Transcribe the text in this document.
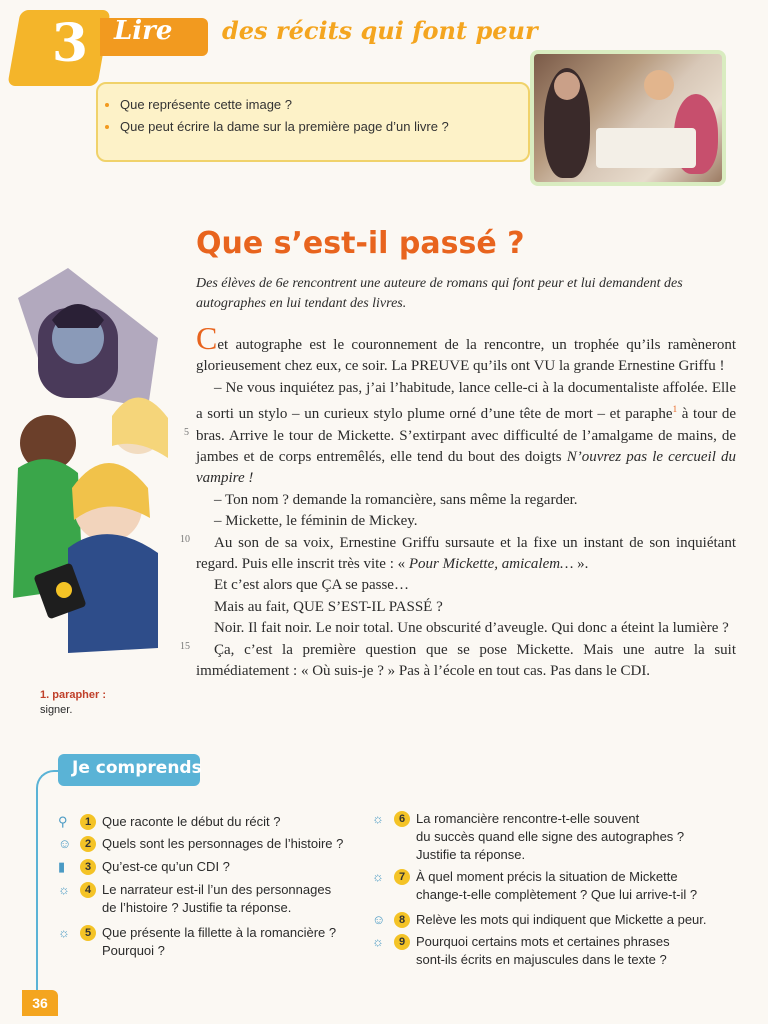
3 Lire des récits qui font peur
• Que représente cette image ?
• Que peut écrire la dame sur la première page d’un livre ?
Que s’est-il passé ?
Des élèves de 6e rencontrent une auteure de romans qui font peur et lui demandent des autographes en lui tendant des livres.

Cet autographe est le couronnement de la rencontre, un trophée qu’ils ramèneront glorieusement chez eux, ce soir. La PREUVE qu’ils ont VU la grande Ernestine Griffu !

– Ne vous inquiétez pas, j’ai l’habitude, lance celle-ci à la documentaliste affolée. Elle a sorti un stylo – un curieux stylo plume orné d’une tête de mort – et paraphe$^1$ à tour de bras. Arrive le tour de Mickette. S’extirpant avec difficulté de l’amalgame de mains, de jambes et de corps entremêlés, elle tend du bout des doigts N’ouvrez pas le cercueil du vampire !

– Ton nom ? demande la romancière, sans même la regarder.

– Mickette, le féminin de Mickey.

Au son de sa voix, Ernestine Griffu sursaute et la fixe un instant de son inquiétant regard. Puis elle inscrit très vite : « Pour Mickette, amicalem… ».

Et c’est alors que ÇA se passe…

Mais au fait, QUE S’EST-IL PASSÉ ?

Noir. Il fait noir. Le noir total. Une obscurité d’aveugle. Qui donc a éteint la lumière ?

Ça, c’est la première question que se pose Mickette. Mais une autre la suit immédiatement : « Où suis-je ? » Pas à l’école en tout cas. Pas dans le CDI.

5
10
15
1. parapher :
signer.
Je comprends
⚲	1 Que raconte le début du récit ?
☺	2 Quels sont les personnages de l’histoire ?
▮	3 Qu’est-ce qu’un CDI ?
☼	4 Le narrateur est-il l’un des personnages
de l’histoire ? Justifie ta réponse.
☼	5 Que présente la fillette à la romancière ?
Pourquoi ?
☼	6 La romancière rencontre-t-elle souvent
du succès quand elle signe des autographes ?
Justifie ta réponse.
☼	7 À quel moment précis la situation de Mickette
change-t-elle complètement ? Que lui arrive-t-il ?
☺	8 Relève les mots qui indiquent que Mickette a peur.
☼	9 Pourquoi certains mots et certaines phrases
sont-ils écrits en majuscules dans le texte ?
36
